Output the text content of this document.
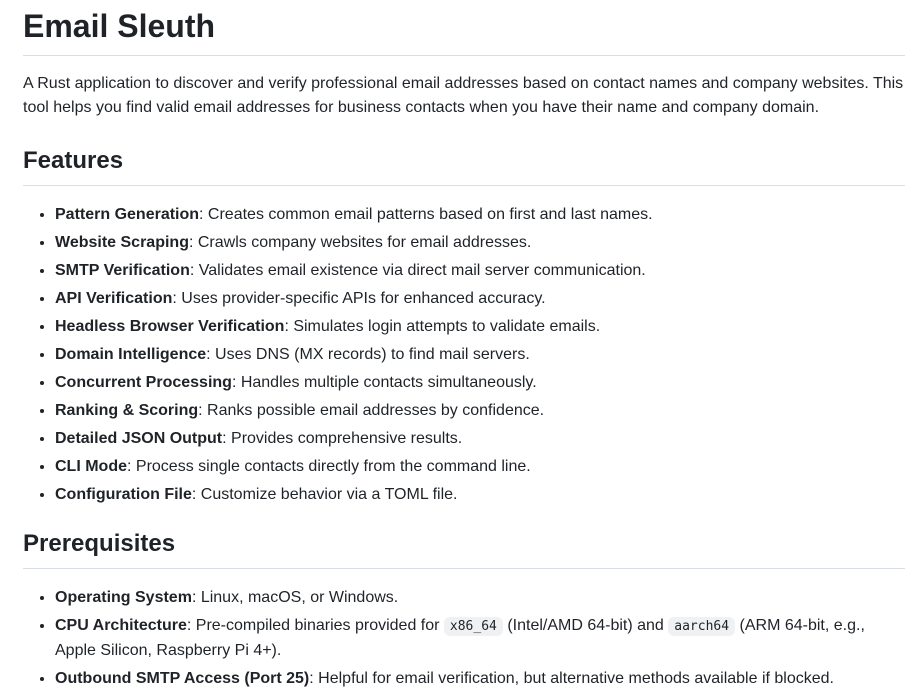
Email Sleuth

A Rust application to discover and verify professional email addresses based on contact names and company websites. This tool helps you find valid email addresses for business contacts when you have their name and company domain.

Features
• Pattern Generation: Creates common email patterns based on first and last names.
• Website Scraping: Crawls company websites for email addresses.
• SMTP Verification: Validates email existence via direct mail server communication.
• API Verification: Uses provider-specific APIs for enhanced accuracy.
• Headless Browser Verification: Simulates login attempts to validate emails.
• Domain Intelligence: Uses DNS (MX records) to find mail servers.
• Concurrent Processing: Handles multiple contacts simultaneously.
• Ranking & Scoring: Ranks possible email addresses by confidence.
• Detailed JSON Output: Provides comprehensive results.
• CLI Mode: Process single contacts directly from the command line.
• Configuration File: Customize behavior via a TOML file.
Prerequisites
• Operating System: Linux, macOS, or Windows.
• CPU Architecture: Pre-compiled binaries provided for x86_64 (Intel/AMD 64-bit) and aarch64 (ARM 64-bit, e.g., Apple Silicon, Raspberry Pi 4+).
• Outbound SMTP Access (Port 25): Helpful for email verification, but alternative methods available if blocked.
